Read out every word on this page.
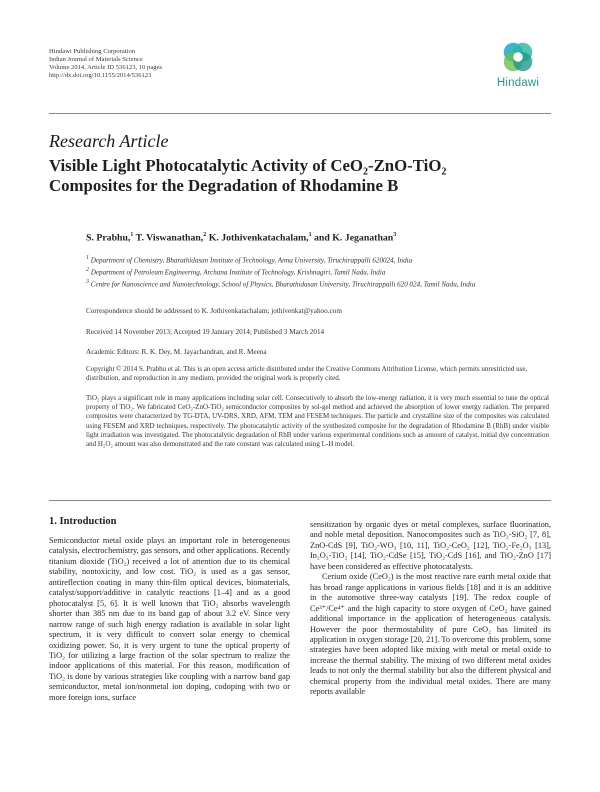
Hindawi Publishing Corporation
Indian Journal of Materials Science
Volume 2014, Article ID 536123, 10 pages
http://dx.doi.org/10.1155/2014/536123
Hindawi
Research Article
Visible Light Photocatalytic Activity of CeO₂-ZnO-TiO₂
Composites for the Degradation of Rhodamine B
S. Prabhu,$^1$ T. Viswanathan,$^2$ K. Jothivenkatachalam,$^1$ and K. Jeganathan$^3$
$^1$ Department of Chemistry, Bharathidasan Institute of Technology, Anna University, Tiruchirappalli 620024, India
$^2$ Department of Petroleum Engineering, Archana Institute of Technology, Krishnagiri, Tamil Nadu, India
$^3$ Centre for Nanoscience and Nanotechnology, School of Physics, Bharathidasan University, Tiruchirappalli 620 024, Tamil Nadu, India
Correspondence should be addressed to K. Jothivenkatachalam; jothivenkat@yahoo.com
Received 14 November 2013; Accepted 19 January 2014; Published 3 March 2014
Academic Editors: R. K. Dey, M. Jayachandran, and R. Meena
Copyright © 2014 S. Prabhu et al. This is an open access article distributed under the Creative Commons Attribution License, which permits unrestricted use, distribution, and reproduction in any medium, provided the original work is properly cited.
TiO₂ plays a significant role in many applications including solar cell. Consecutively to absorb the low-energy radiation, it is very much essential to tune the optical property of TiO₂. We fabricated CeO₂-ZnO-TiO₂ semiconductor composites by sol-gel method and achieved the absorption of lower energy radiation. The prepared composites were characterized by TG-DTA, UV-DRS, XRD, AFM, TEM and FESEM techniques. The particle and crystalline size of the composites was calculated using FESEM and XRD techniques, respectively. The photocatalytic activity of the synthesized composite for the degradation of Rhodamine B (RhB) under visible light irradiation was investigated. The photocatalytic degradation of RhB under various experimental conditions such as amount of catalyst, initial dye concentration and H₂O₂ amount was also demonstrated and the rate constant was calculated using L-H model.
1. Introduction

Semiconductor metal oxide plays an important role in heterogeneous catalysis, electrochemistry, gas sensors, and other applications. Recently titanium dioxide (TiO₂) received a lot of attention due to its chemical stability, nontoxicity, and low cost. TiO₂ is used as a gas sensor, antireflection coating in many thin-film optical devices, biomaterials, catalyst/support/additive in catalytic reactions [1–4] and as a good photocatalyst [5, 6]. It is well known that TiO₂ absorbs wavelength shorter than 385 nm due to its band gap of about 3.2 eV. Since very narrow range of such high energy radiation is available in solar light spectrum, it is very difficult to convert solar energy to chemical oxidizing power. So, it is very urgent to tune the optical property of TiO₂ for utilizing a large fraction of the solar spectrum to realize the indoor applications of this material. For this reason, modification of TiO₂ is done by various strategies like coupling with a narrow band gap semiconductor, metal ion/nonmetal ion doping, codoping with two or more foreign ions, surface

sensitization by organic dyes or metal complexes, surface fluorination, and noble metal deposition. Nanocomposites such as TiO₂-SiO₂ [7, 8], ZnO-CdS [9], TiO₂-WO₃ [10, 11], TiO₂-CeO₂ [12], TiO₂-Fe₂O₃ [13], In₂O₃-TiO₂ [14], TiO₂-CdSe [15], TiO₂-CdS [16], and TiO₂-ZnO [17] have been considered as effective photocatalysts.

Cerium oxide (CeO₂) is the most reactive rare earth metal oxide that has broad range applications in various fields [18] and it is an additive in the automotive three-way catalysts [19]. The redox couple of Ce³⁺/Ce⁴⁺ and the high capacity to store oxygen of CeO₂ have gained additional importance in the application of heterogeneous catalysis. However the poor thermostability of pure CeO₂ has limited its application in oxygen storage [20, 21]. To overcome this problem, some strategies have been adopted like mixing with metal or metal oxide to increase the thermal stability. The mixing of two different metal oxides leads to not only the thermal stability but also the different physical and chemical property from the individual metal oxides. There are many reports available
